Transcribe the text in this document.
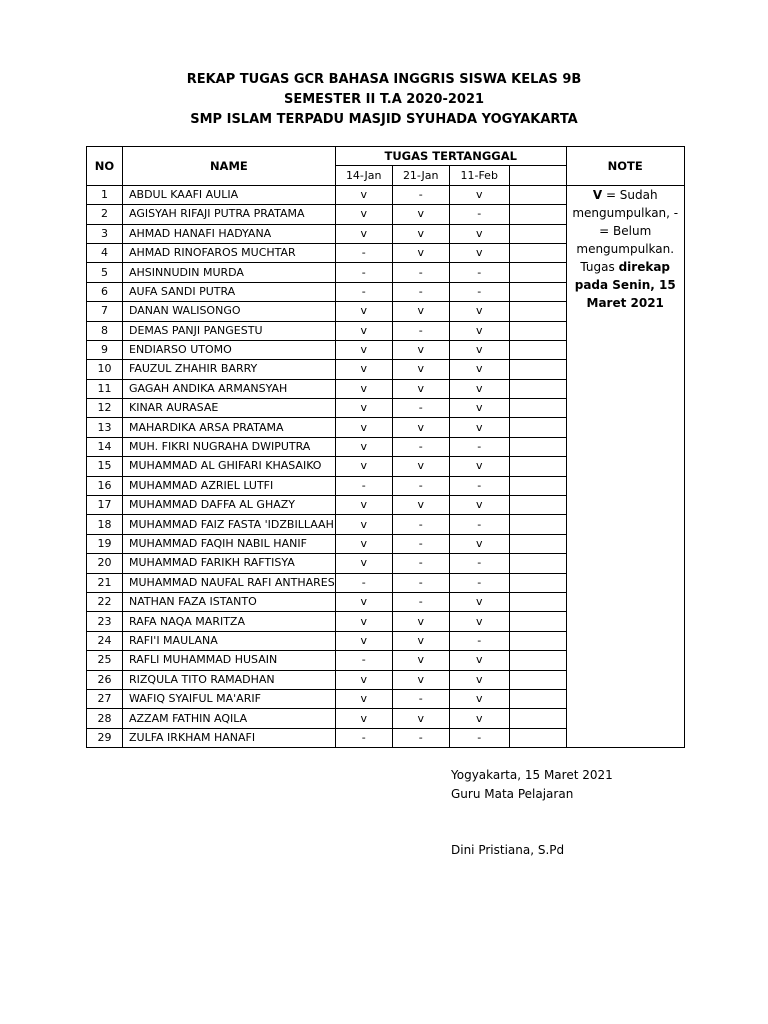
REKAP TUGAS GCR BAHASA INGGRIS SISWA KELAS 9B
SEMESTER II T.A 2020-2021
SMP ISLAM TERPADU MASJID SYUHADA YOGYAKARTA
NO	NAME	TUGAS TERTANGGAL				NOTE
		14-Jan	21-Jan	11-Feb		
1	ABDUL KAAFI AULIA	v	-	v		V = Sudah mengumpulkan, - = Belum mengumpulkan. Tugas direkap pada Senin, 15 Maret 2021
2	AGISYAH RIFAJI PUTRA PRATAMA	v	v	-		
3	AHMAD HANAFI HADYANA	v	v	v		
4	AHMAD RINOFAROS MUCHTAR	-	v	v		
5	AHSINNUDIN MURDA	-	-	-		
6	AUFA SANDI PUTRA	-	-	-		
7	DANAN WALISONGO	v	v	v		
8	DEMAS PANJI PANGESTU	v	-	v		
9	ENDIARSO UTOMO	v	v	v		
10	FAUZUL ZHAHIR BARRY	v	v	v		
11	GAGAH ANDIKA ARMANSYAH	v	v	v		
12	KINAR AURASAE	v	-	v		
13	MAHARDIKA ARSA PRATAMA	v	v	v		
14	MUH. FIKRI NUGRAHA DWIPUTRA	v	-	-		
15	MUHAMMAD AL GHIFARI KHASAIKO	v	v	v		
16	MUHAMMAD AZRIEL LUTFI	-	-	-		
17	MUHAMMAD DAFFA AL GHAZY	v	v	v		
18	MUHAMMAD FAIZ FASTA 'IDZBILLAAH	v	-	-		
19	MUHAMMAD FAQIH NABIL HANIF	v	-	v		
20	MUHAMMAD FARIKH RAFTISYA	v	-	-		
21	MUHAMMAD NAUFAL RAFI ANTHARES	-	-	-		
22	NATHAN FAZA ISTANTO	v	-	v		
23	RAFA NAQA MARITZA	v	v	v		
24	RAFI'I MAULANA	v	v	-		
25	RAFLI MUHAMMAD HUSAIN	-	v	v		
26	RIZQULA TITO RAMADHAN	v	v	v		
27	WAFIQ SYAIFUL MA'ARIF	v	-	v		
28	AZZAM FATHIN AQILA	v	v	v		
29	ZULFA IRKHAM HANAFI	-	-	-		
Yogyakarta, 15 Maret 2021
Guru Mata Pelajaran
Dini Pristiana, S.Pd
